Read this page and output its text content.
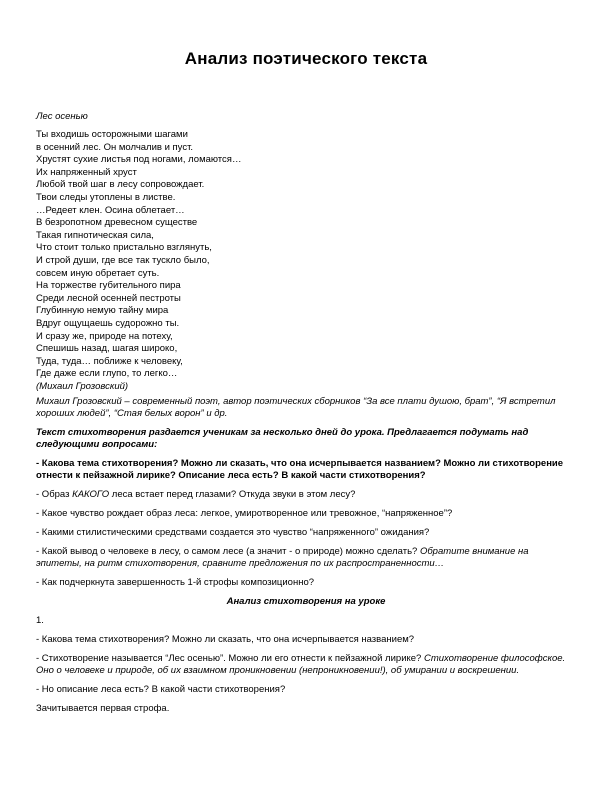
Анализ поэтического текста
Лес осенью
Ты входишь осторожными шагами
в осенний лес. Он молчалив и пуст.
Хрустят сухие листья под ногами, ломаются…
Их напряженный хруст
Любой твой шаг в лесу сопровождает.
Твои следы утоплены в листве.
…Редеет клен. Осина облетает…
В безропотном древесном существе
Такая гипнотическая сила,
Что стоит только пристально взглянуть,
И строй души, где все так тускло было,
совсем иную обретает суть.
На торжестве губительного пира
Среди лесной осенней пестроты
Глубинную немую тайну мира
Вдруг ощущаешь судорожно ты.
И сразу же, природе на потеху,
Спешишь назад, шагая широко,
Туда, туда… поближе к человеку,
Где даже если глупо, то легко…
(Михаил Грозовский)

Михаил Грозовский – современный поэт, автор поэтических сборников “За все плати душою, брат”, “Я встретил хороших людей”, “Стая белых ворон” и др.

Текст стихотворения раздается ученикам за несколько дней до урока. Предлагается подумать над следующими вопросами:

- Какова тема стихотворения? Можно ли сказать, что она исчерпывается названием? Можно ли стихотворение отнести к пейзажной лирике? Описание леса есть? В какой части стихотворения?

- Образ КАКОГО леса встает перед глазами? Откуда звуки в этом лесу?

- Какое чувство рождает образ леса: легкое, умиротворенное или тревожное, “напряженное”?

- Какими стилистическими средствами создается это чувство “напряженного” ожидания?

- Какой вывод о человеке в лесу, о самом лесе (а значит - о природе) можно сделать? Обратите внимание на эпитеты, на ритм стихотворения, сравните предложения по их распространенности…

- Как подчеркнута завершенность 1-й строфы композиционно?

Анализ стихотворения на уроке

1.

- Какова тема стихотворения? Можно ли сказать, что она исчерпывается названием?

- Стихотворение называется “Лес осенью”. Можно ли его отнести к пейзажной лирике? Стихотворение философское. Оно о человеке и природе, об их взаимном проникновении (непроникновении!), об умирании и воскрешении.

- Но описание леса есть? В какой части стихотворения?

Зачитывается первая строфа.
